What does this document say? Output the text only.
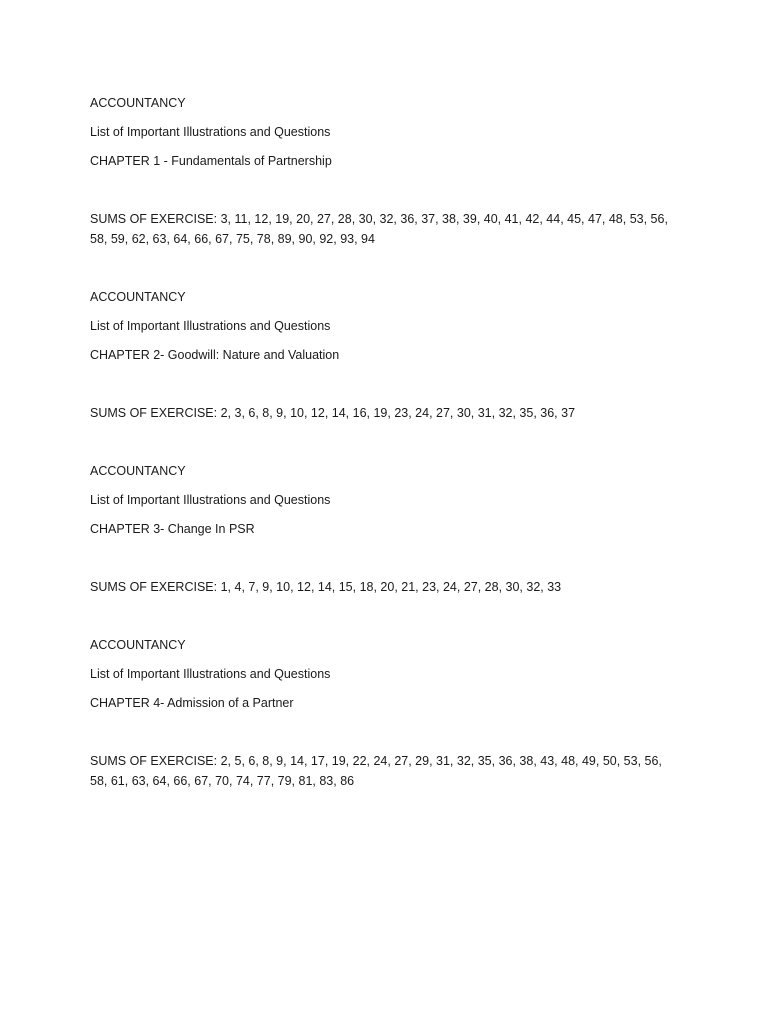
ACCOUNTANCY
List of Important Illustrations and Questions
CHAPTER 1 - Fundamentals of Partnership
SUMS OF EXERCISE: 3, 11, 12, 19, 20, 27, 28, 30, 32, 36, 37, 38, 39, 40, 41, 42, 44, 45, 47, 48, 53, 56, 58, 59, 62, 63, 64, 66, 67, 75, 78, 89, 90, 92, 93, 94
ACCOUNTANCY
List of Important Illustrations and Questions
CHAPTER 2- Goodwill: Nature and Valuation
SUMS OF EXERCISE: 2, 3, 6, 8, 9, 10, 12, 14, 16, 19, 23, 24, 27, 30, 31, 32, 35, 36, 37
ACCOUNTANCY
List of Important Illustrations and Questions
CHAPTER 3- Change In PSR
SUMS OF EXERCISE: 1, 4, 7, 9, 10, 12, 14, 15, 18, 20, 21, 23, 24, 27, 28, 30, 32, 33
ACCOUNTANCY
List of Important Illustrations and Questions
CHAPTER 4- Admission of a Partner
SUMS OF EXERCISE: 2, 5, 6, 8, 9, 14, 17, 19, 22, 24, 27, 29, 31, 32, 35, 36, 38, 43, 48, 49, 50, 53, 56, 58, 61, 63, 64, 66, 67, 70, 74, 77, 79, 81, 83, 86
